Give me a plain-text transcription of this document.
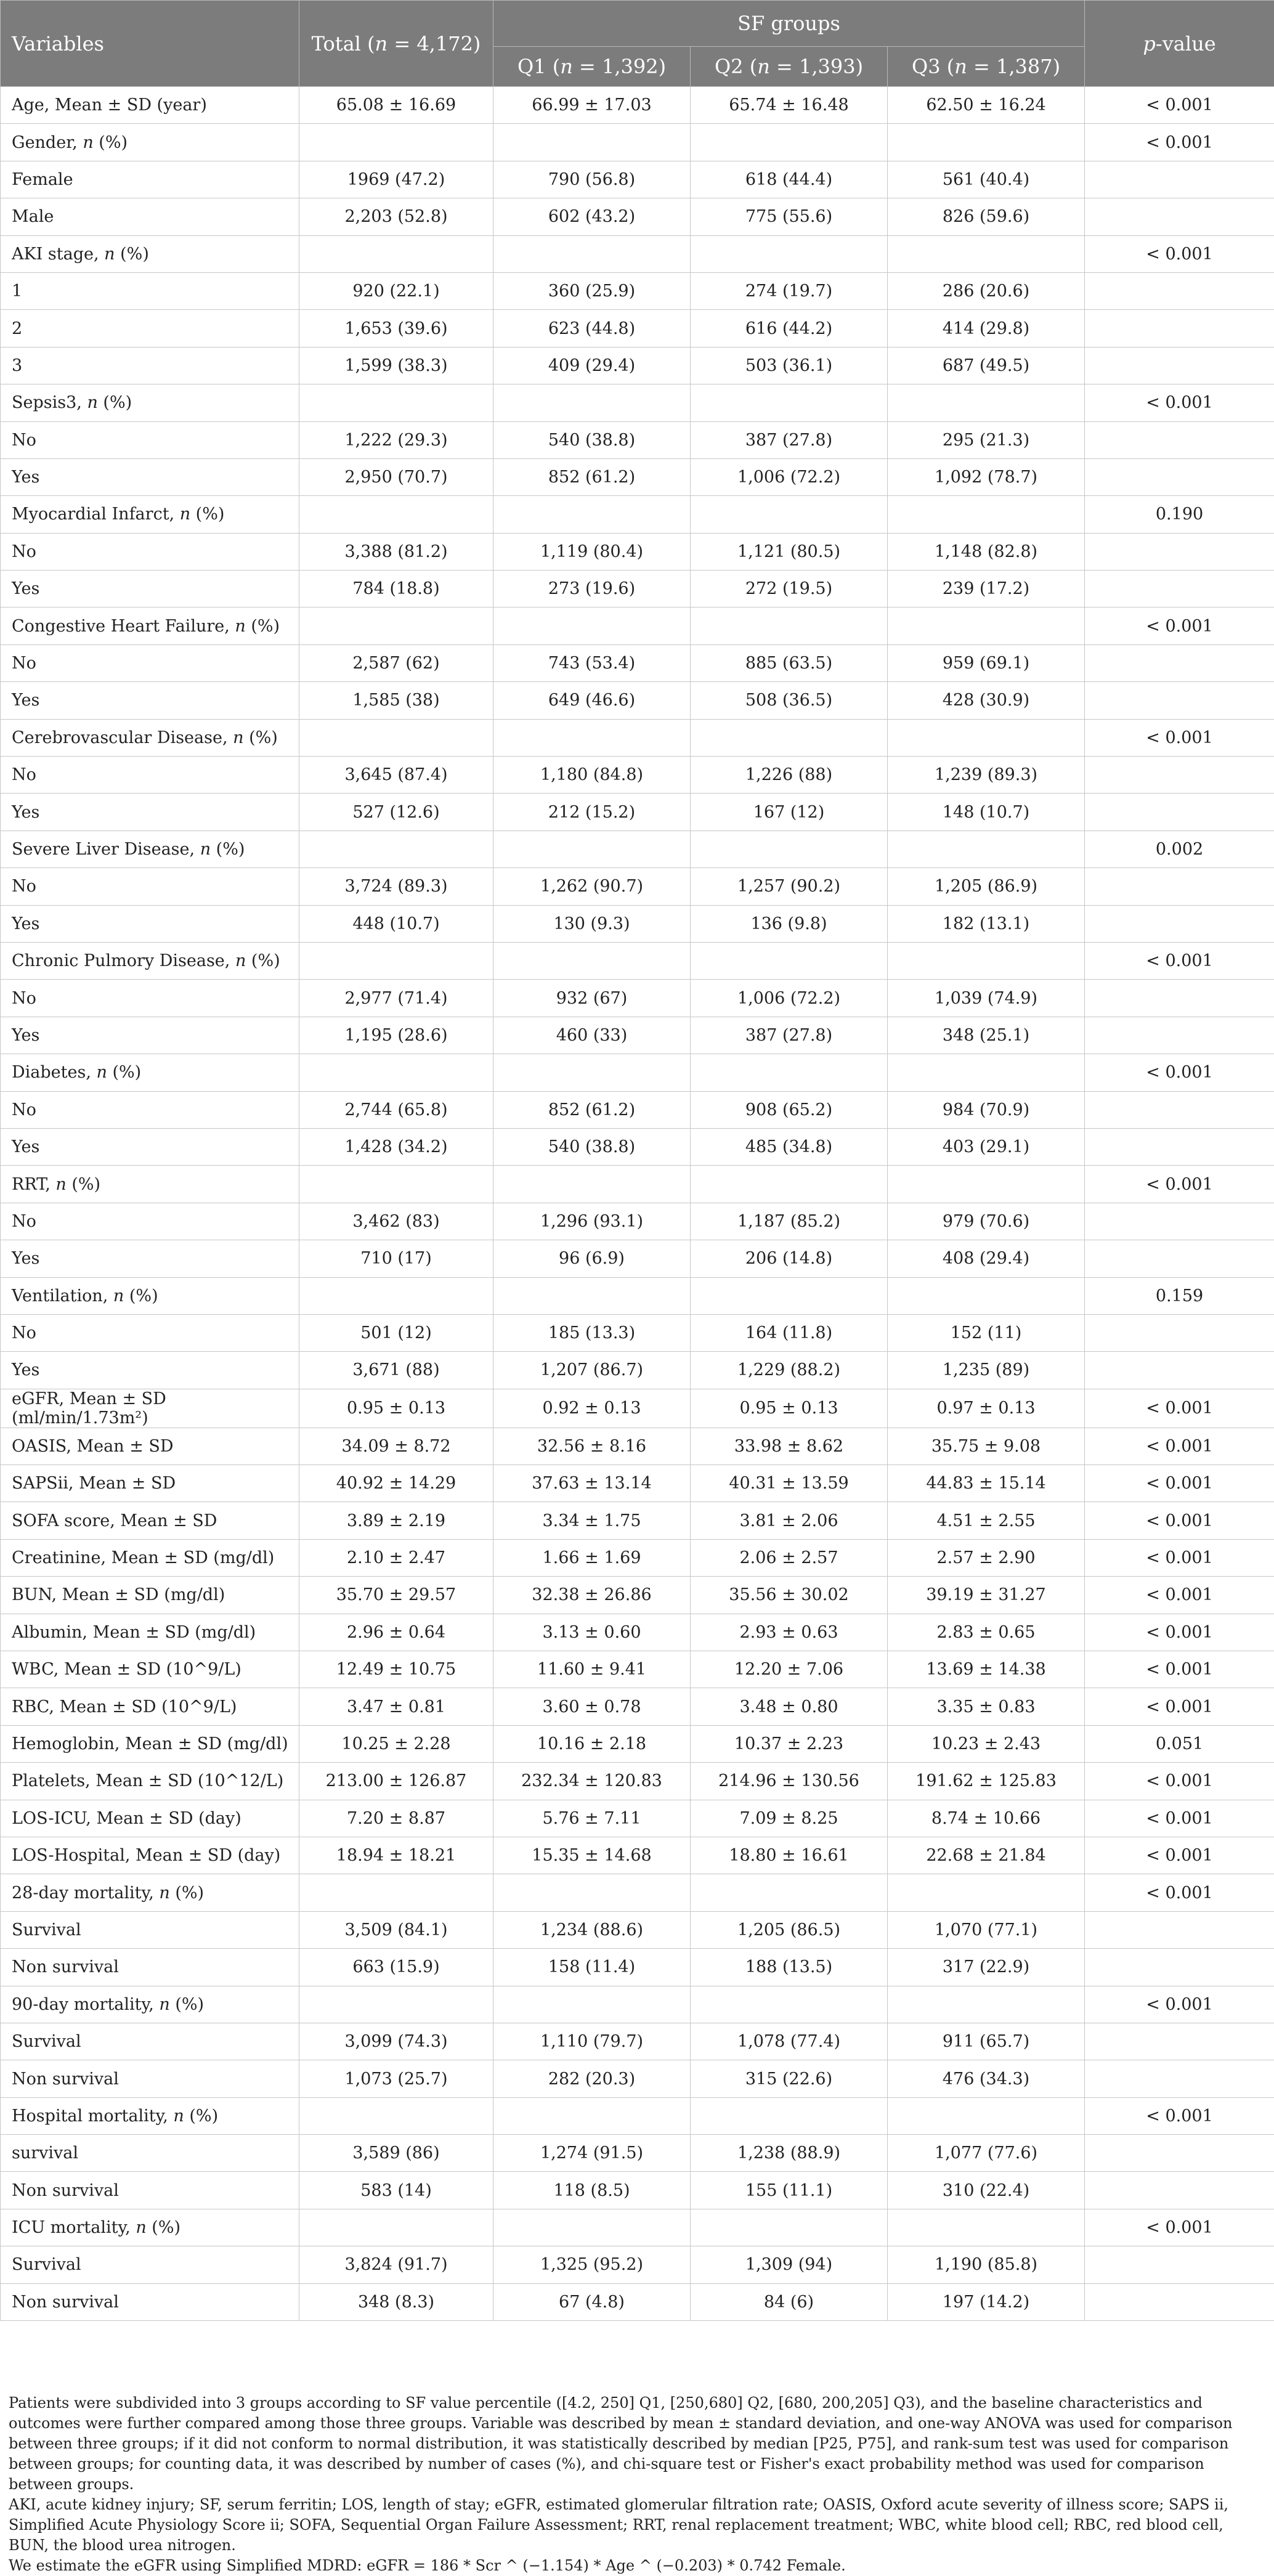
Variables	Total (n = 4,172)	SF groups			p-value
		Q1 (n = 1,392)	Q2 (n = 1,393)	Q3 (n = 1,387)	
Age, Mean ± SD (year)	65.08 ± 16.69	66.99 ± 17.03	65.74 ± 16.48	62.50 ± 16.24	< 0.001
Gender, n (%)					< 0.001
Female	1969 (47.2)	790 (56.8)	618 (44.4)	561 (40.4)	
Male	2,203 (52.8)	602 (43.2)	775 (55.6)	826 (59.6)	
AKI stage, n (%)					< 0.001
1	920 (22.1)	360 (25.9)	274 (19.7)	286 (20.6)	
2	1,653 (39.6)	623 (44.8)	616 (44.2)	414 (29.8)	
3	1,599 (38.3)	409 (29.4)	503 (36.1)	687 (49.5)	
Sepsis3, n (%)					< 0.001
No	1,222 (29.3)	540 (38.8)	387 (27.8)	295 (21.3)	
Yes	2,950 (70.7)	852 (61.2)	1,006 (72.2)	1,092 (78.7)	
Myocardial Infarct, n (%)					0.190
No	3,388 (81.2)	1,119 (80.4)	1,121 (80.5)	1,148 (82.8)	
Yes	784 (18.8)	273 (19.6)	272 (19.5)	239 (17.2)	
Congestive Heart Failure, n (%)					< 0.001
No	2,587 (62)	743 (53.4)	885 (63.5)	959 (69.1)	
Yes	1,585 (38)	649 (46.6)	508 (36.5)	428 (30.9)	
Cerebrovascular Disease, n (%)					< 0.001
No	3,645 (87.4)	1,180 (84.8)	1,226 (88)	1,239 (89.3)	
Yes	527 (12.6)	212 (15.2)	167 (12)	148 (10.7)	
Severe Liver Disease, n (%)					0.002
No	3,724 (89.3)	1,262 (90.7)	1,257 (90.2)	1,205 (86.9)	
Yes	448 (10.7)	130 (9.3)	136 (9.8)	182 (13.1)	
Chronic Pulmory Disease, n (%)					< 0.001
No	2,977 (71.4)	932 (67)	1,006 (72.2)	1,039 (74.9)	
Yes	1,195 (28.6)	460 (33)	387 (27.8)	348 (25.1)	
Diabetes, n (%)					< 0.001
No	2,744 (65.8)	852 (61.2)	908 (65.2)	984 (70.9)	
Yes	1,428 (34.2)	540 (38.8)	485 (34.8)	403 (29.1)	
RRT, n (%)					< 0.001
No	3,462 (83)	1,296 (93.1)	1,187 (85.2)	979 (70.6)	
Yes	710 (17)	96 (6.9)	206 (14.8)	408 (29.4)	
Ventilation, n (%)					0.159
No	501 (12)	185 (13.3)	164 (11.8)	152 (11)	
Yes	3,671 (88)	1,207 (86.7)	1,229 (88.2)	1,235 (89)	
eGFR, Mean ± SD (ml/min/1.73m²)	0.95 ± 0.13	0.92 ± 0.13	0.95 ± 0.13	0.97 ± 0.13	< 0.001
OASIS, Mean ± SD	34.09 ± 8.72	32.56 ± 8.16	33.98 ± 8.62	35.75 ± 9.08	< 0.001
SAPSii, Mean ± SD	40.92 ± 14.29	37.63 ± 13.14	40.31 ± 13.59	44.83 ± 15.14	< 0.001
SOFA score, Mean ± SD	3.89 ± 2.19	3.34 ± 1.75	3.81 ± 2.06	4.51 ± 2.55	< 0.001
Creatinine, Mean ± SD (mg/dl)	2.10 ± 2.47	1.66 ± 1.69	2.06 ± 2.57	2.57 ± 2.90	< 0.001
BUN, Mean ± SD (mg/dl)	35.70 ± 29.57	32.38 ± 26.86	35.56 ± 30.02	39.19 ± 31.27	< 0.001
Albumin, Mean ± SD (mg/dl)	2.96 ± 0.64	3.13 ± 0.60	2.93 ± 0.63	2.83 ± 0.65	< 0.001
WBC, Mean ± SD (10^9/L)	12.49 ± 10.75	11.60 ± 9.41	12.20 ± 7.06	13.69 ± 14.38	< 0.001
RBC, Mean ± SD (10^9/L)	3.47 ± 0.81	3.60 ± 0.78	3.48 ± 0.80	3.35 ± 0.83	< 0.001
Hemoglobin, Mean ± SD (mg/dl)	10.25 ± 2.28	10.16 ± 2.18	10.37 ± 2.23	10.23 ± 2.43	0.051
Platelets, Mean ± SD (10^12/L)	213.00 ± 126.87	232.34 ± 120.83	214.96 ± 130.56	191.62 ± 125.83	< 0.001
LOS-ICU, Mean ± SD (day)	7.20 ± 8.87	5.76 ± 7.11	7.09 ± 8.25	8.74 ± 10.66	< 0.001
LOS-Hospital, Mean ± SD (day)	18.94 ± 18.21	15.35 ± 14.68	18.80 ± 16.61	22.68 ± 21.84	< 0.001
28-day mortality, n (%)					< 0.001
Survival	3,509 (84.1)	1,234 (88.6)	1,205 (86.5)	1,070 (77.1)	
Non survival	663 (15.9)	158 (11.4)	188 (13.5)	317 (22.9)	
90-day mortality, n (%)					< 0.001
Survival	3,099 (74.3)	1,110 (79.7)	1,078 (77.4)	911 (65.7)	
Non survival	1,073 (25.7)	282 (20.3)	315 (22.6)	476 (34.3)	
Hospital mortality, n (%)					< 0.001
survival	3,589 (86)	1,274 (91.5)	1,238 (88.9)	1,077 (77.6)	
Non survival	583 (14)	118 (8.5)	155 (11.1)	310 (22.4)	
ICU mortality, n (%)					< 0.001
Survival	3,824 (91.7)	1,325 (95.2)	1,309 (94)	1,190 (85.8)	
Non survival	348 (8.3)	67 (4.8)	84 (6)	197 (14.2)	

Patients were subdivided into 3 groups according to SF value percentile ([4.2, 250] Q1, [250,680] Q2, [680, 200,205] Q3), and the baseline characteristics and outcomes were further compared among those three groups. Variable was described by mean ± standard deviation, and one-way ANOVA was used for comparison between three groups; if it did not conform to normal distribution, it was statistically described by median [P25, P75], and rank-sum test was used for comparison between groups; for counting data, it was described by number of cases (%), and chi-square test or Fisher's exact probability method was used for comparison between groups.

AKI, acute kidney injury; SF, serum ferritin; LOS, length of stay; eGFR, estimated glomerular filtration rate; OASIS, Oxford acute severity of illness score; SAPS ii, Simplified Acute Physiology Score ii; SOFA, Sequential Organ Failure Assessment; RRT, renal replacement treatment; WBC, white blood cell; RBC, red blood cell, BUN, the blood urea nitrogen.

We estimate the eGFR using Simplified MDRD: eGFR = 186 * Scr ^ (−1.154) * Age ^ (−0.203) * 0.742 Female.
